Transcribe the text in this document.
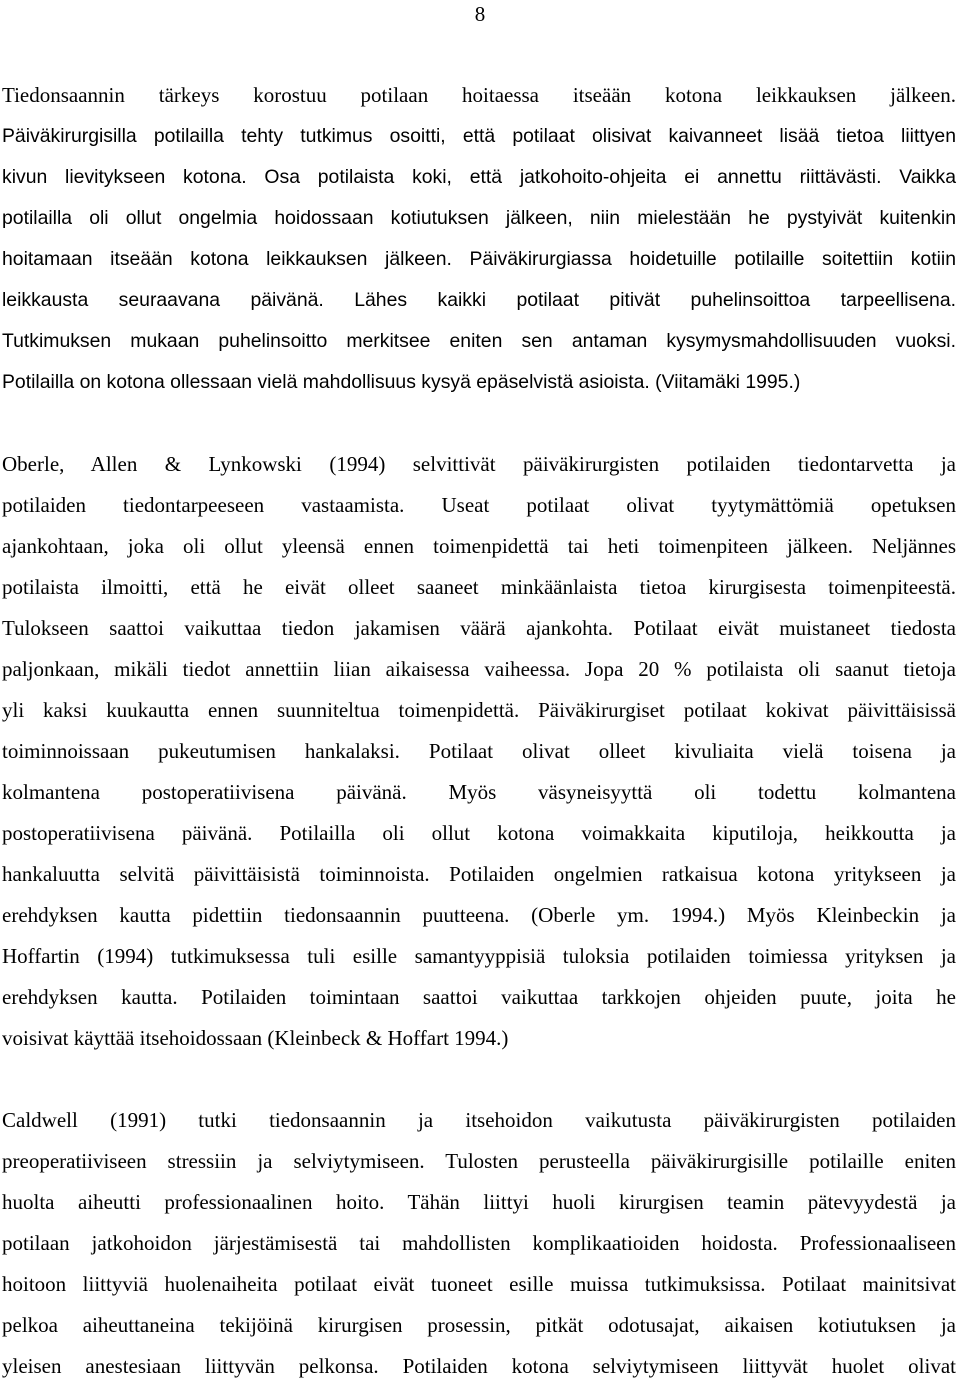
8
Tiedonsaannin tärkeys korostuu potilaan hoitaessa itseään kotona leikkauksen jälkeen.
Päiväkirurgisilla potilailla tehty tutkimus osoitti, että potilaat olisivat kaivanneet lisää tietoa liittyen
kivun lievitykseen kotona. Osa potilaista koki, että jatkohoito-ohjeita ei annettu riittävästi. Vaikka
potilailla oli ollut ongelmia hoidossaan kotiutuksen jälkeen, niin mielestään he pystyivät kuitenkin
hoitamaan itseään kotona leikkauksen jälkeen. Päiväkirurgiassa hoidetuille potilaille soitettiin kotiin
leikkausta seuraavana päivänä. Lähes kaikki potilaat pitivät puhelinsoittoa tarpeellisena.
Tutkimuksen mukaan puhelinsoitto merkitsee eniten sen antaman kysymysmahdollisuuden vuoksi.
Potilailla on kotona ollessaan vielä mahdollisuus kysyä epäselvistä asioista. (Viitamäki 1995.)
Oberle, Allen & Lynkowski (1994) selvittivät päiväkirurgisten potilaiden tiedontarvetta ja
potilaiden tiedontarpeeseen vastaamista. Useat potilaat olivat tyytymättömiä opetuksen
ajankohtaan, joka oli ollut yleensä ennen toimenpidettä tai heti toimenpiteen jälkeen. Neljännes
potilaista ilmoitti, että he eivät olleet saaneet minkäänlaista tietoa kirurgisesta toimenpiteestä.
Tulokseen saattoi vaikuttaa tiedon jakamisen väärä ajankohta. Potilaat eivät muistaneet tiedosta
paljonkaan, mikäli tiedot annettiin liian aikaisessa vaiheessa. Jopa 20 % potilaista oli saanut tietoja
yli kaksi kuukautta ennen suunniteltua toimenpidettä. Päiväkirurgiset potilaat kokivat päivittäisissä
toiminnoissaan pukeutumisen hankalaksi. Potilaat olivat olleet kivuliaita vielä toisena ja
kolmantena postoperatiivisena päivänä. Myös väsyneisyyttä oli todettu kolmantena
postoperatiivisena päivänä. Potilailla oli ollut kotona voimakkaita kiputiloja, heikkoutta ja
hankaluutta selvitä päivittäisistä toiminnoista. Potilaiden ongelmien ratkaisua kotona yritykseen ja
erehdyksen kautta pidettiin tiedonsaannin puutteena. (Oberle ym. 1994.) Myös Kleinbeckin ja
Hoffartin (1994) tutkimuksessa tuli esille samantyyppisiä tuloksia potilaiden toimiessa yrityksen ja
erehdyksen kautta. Potilaiden toimintaan saattoi vaikuttaa tarkkojen ohjeiden puute, joita he
voisivat käyttää itsehoidossaan (Kleinbeck & Hoffart 1994.)
Caldwell (1991) tutki tiedonsaannin ja itsehoidon vaikutusta päiväkirurgisten potilaiden
preoperatiiviseen stressiin ja selviytymiseen. Tulosten perusteella päiväkirurgisille potilaille eniten
huolta aiheutti professionaalinen hoito. Tähän liittyi huoli kirurgisen teamin pätevyydestä ja
potilaan jatkohoidon järjestämisestä tai mahdollisten komplikaatioiden hoidosta. Professionaaliseen
hoitoon liittyviä huolenaiheita potilaat eivät tuoneet esille muissa tutkimuksissa. Potilaat mainitsivat
pelkoa aiheuttaneina tekijöinä kirurgisen prosessin, pitkät odotusajat, aikaisen kotiutuksen ja
yleisen anestesiaan liittyvän pelkonsa. Potilaiden kotona selviytymiseen liittyvät huolet olivat
